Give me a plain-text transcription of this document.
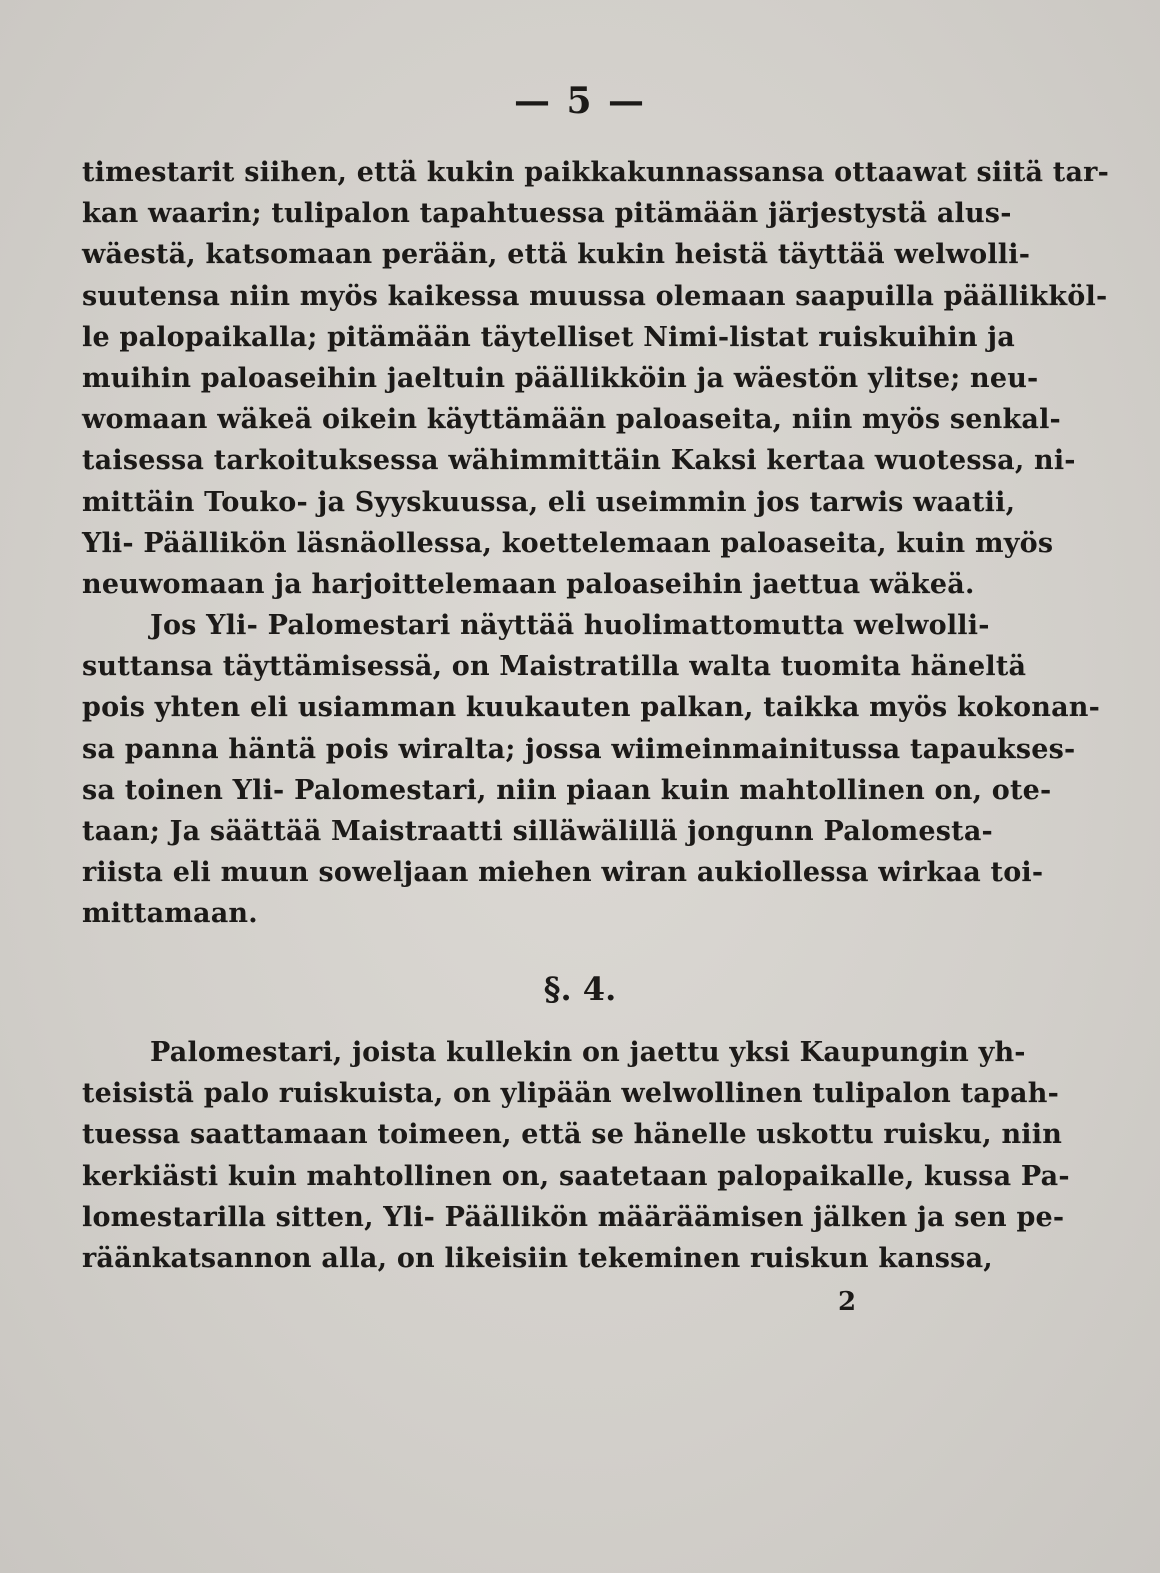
— 5 —
timestarit siihen, että kukin paikkakunnassansa ottaawat siitä tar-
kan waarin; tulipalon tapahtuessa pitämään järjestystä alus-
wäestä, katsomaan perään, että kukin heistä täyttää welwolli-
suutensa niin myös kaikessa muussa olemaan saapuilla päällikköl-
le palopaikalla; pitämään täytelliset Nimi-listat ruiskuihin ja
muihin paloaseihin jaeltuin päällikköin ja wäestön ylitse; neu-
womaan wäkeä oikein käyttämään paloaseita, niin myös senkal-
taisessa tarkoituksessa wähimmittäin Kaksi kertaa wuotessa, ni-
mittäin Touko- ja Syyskuussa, eli useimmin jos tarwis waatii,
Yli- Päällikön läsnäollessa, koettelemaan paloaseita, kuin myös
neuwomaan ja harjoittelemaan paloaseihin jaettua wäkeä.
Jos Yli- Palomestari näyttää huolimattomutta welwolli-
suttansa täyttämisessä, on Maistratilla walta tuomita häneltä
pois yhten eli usiamman kuukauten palkan, taikka myös kokonan-
sa panna häntä pois wiralta; jossa wiimeinmainitussa tapaukses-
sa toinen Yli- Palomestari, niin piaan kuin mahtollinen on, ote-
taan; Ja säättää Maistraatti silläwälillä jongunn Palomesta-
riista eli muun soweljaan miehen wiran aukiollessa wirkaa toi-
mittamaan.
§. 4.
Palomestari, joista kullekin on jaettu yksi Kaupungin yh-
teisistä palo ruiskuista, on ylipään welwollinen tulipalon tapah-
tuessa saattamaan toimeen, että se hänelle uskottu ruisku, niin
kerkiästi kuin mahtollinen on, saatetaan palopaikalle, kussa Pa-
lomestarilla sitten, Yli- Päällikön määräämisen jälken ja sen pe-
räänkatsannon alla, on likeisiin tekeminen ruiskun kanssa,
2
